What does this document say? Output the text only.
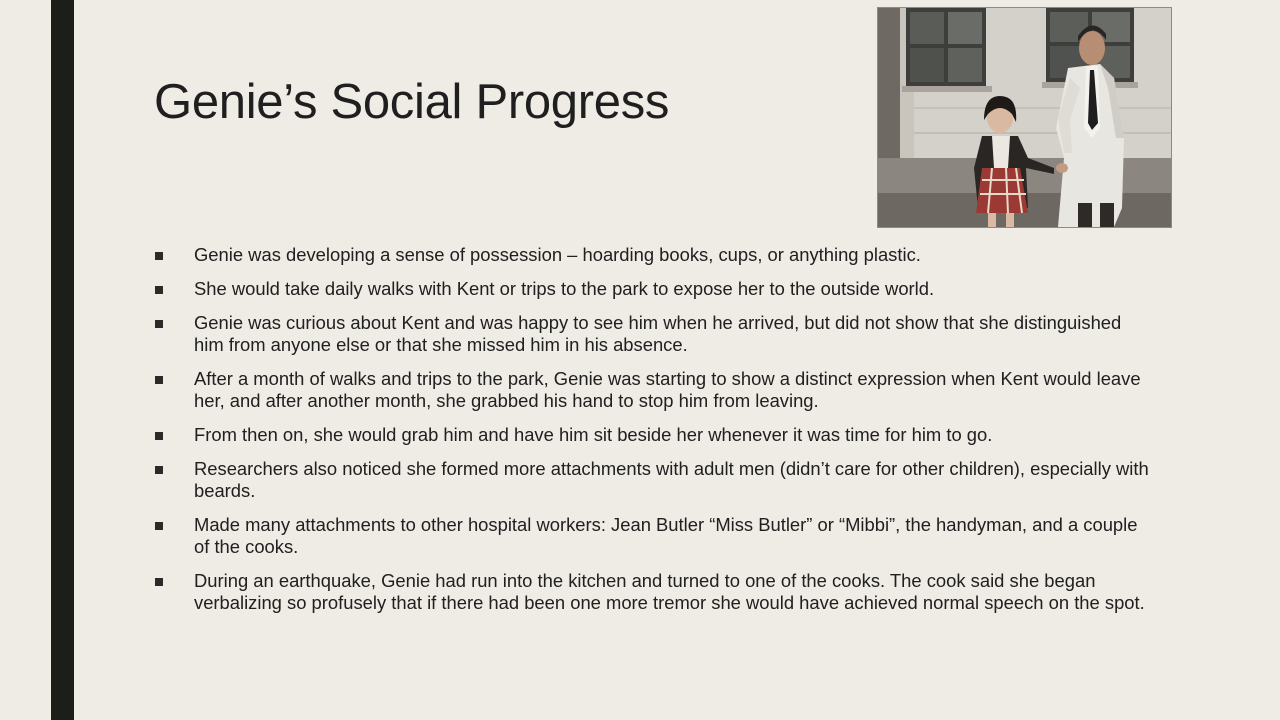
Genie’s Social Progress
Genie was developing a sense of possession – hoarding books, cups, or anything plastic.
She would take daily walks with Kent or trips to the park to expose her to the outside world.
Genie was curious about Kent and was happy to see him when he arrived, but did not show that she distinguished him from anyone else or that she missed him in his absence.
After a month of walks and trips to the park, Genie was starting to show a distinct expression when Kent would leave her, and after another month, she grabbed his hand to stop him from leaving.
From then on, she would grab him and have him sit beside her whenever it was time for him to go.
Researchers also noticed she formed more attachments with adult men (didn’t care for other children), especially with beards.
Made many attachments to other hospital workers: Jean Butler “Miss Butler” or “Mibbi”, the handyman, and a couple of the cooks.
During an earthquake, Genie had run into the kitchen and turned to one of the cooks. The cook said she began verbalizing so profusely that if there had been one more tremor she would have achieved normal speech on the spot.
